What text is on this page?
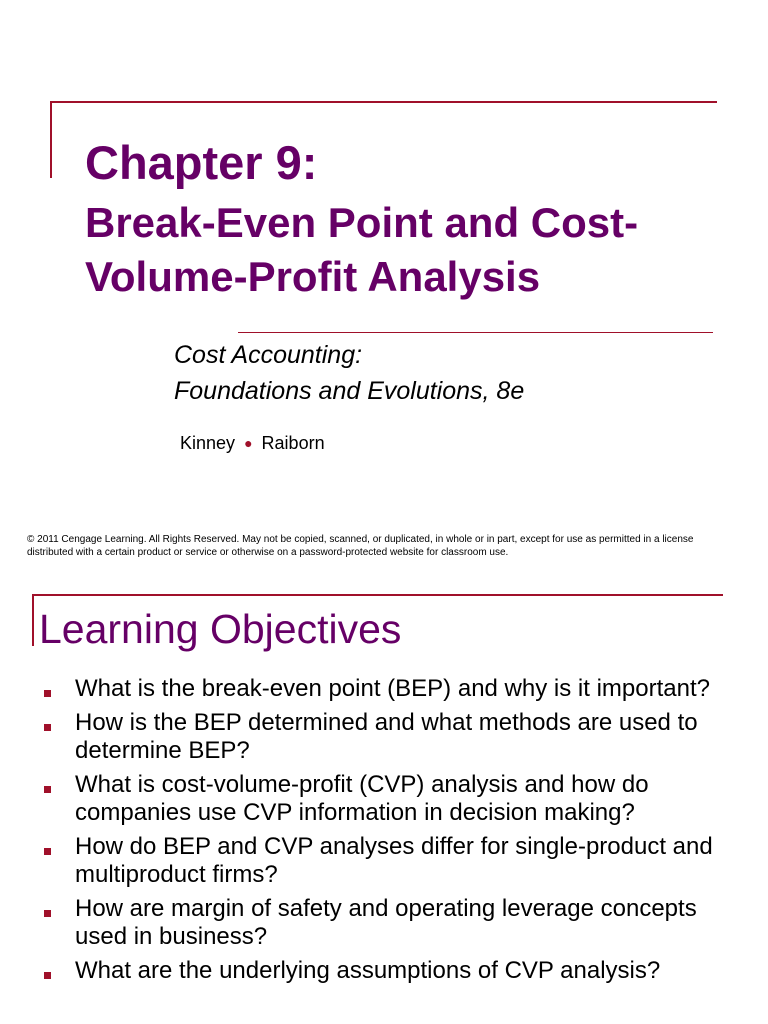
Chapter 9:
Break-Even Point and Cost-Volume-Profit Analysis

Cost Accounting:
Foundations and Evolutions, 8e

Kinney ● Raiborn
© 2011 Cengage Learning. All Rights Reserved. May not be copied, scanned, or duplicated, in whole or in part, except for use as permitted in a license distributed with a certain product or service or otherwise on a password-protected website for classroom use.
Learning Objectives
What is the break-even point (BEP) and why is it important?
How is the BEP determined and what methods are used to determine BEP?
What is cost-volume-profit (CVP) analysis and how do companies use CVP information in decision making?
How do BEP and CVP analyses differ for single-product and multiproduct firms?
How are margin of safety and operating leverage concepts used in business?
What are the underlying assumptions of CVP analysis?
